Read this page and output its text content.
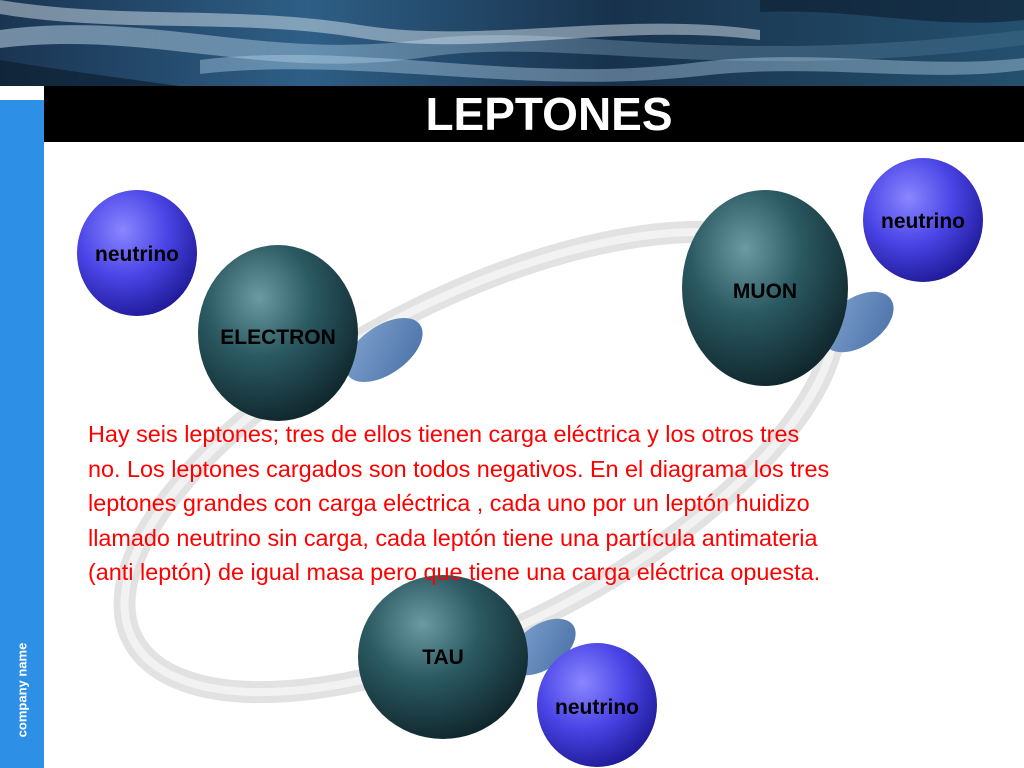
LEPTONES
company name
ELECTRON
MUON
TAU
neutrino
neutrino
neutrino

Hay seis leptones; tres de ellos tienen carga eléctrica y los otros tres
no. Los leptones cargados son todos negativos. En el diagrama los tres
leptones grandes con carga eléctrica , cada uno por un leptón huidizo
llamado neutrino sin carga, cada leptón tiene una partícula antimateria
(anti leptón) de igual masa pero que tiene una carga eléctrica opuesta.
